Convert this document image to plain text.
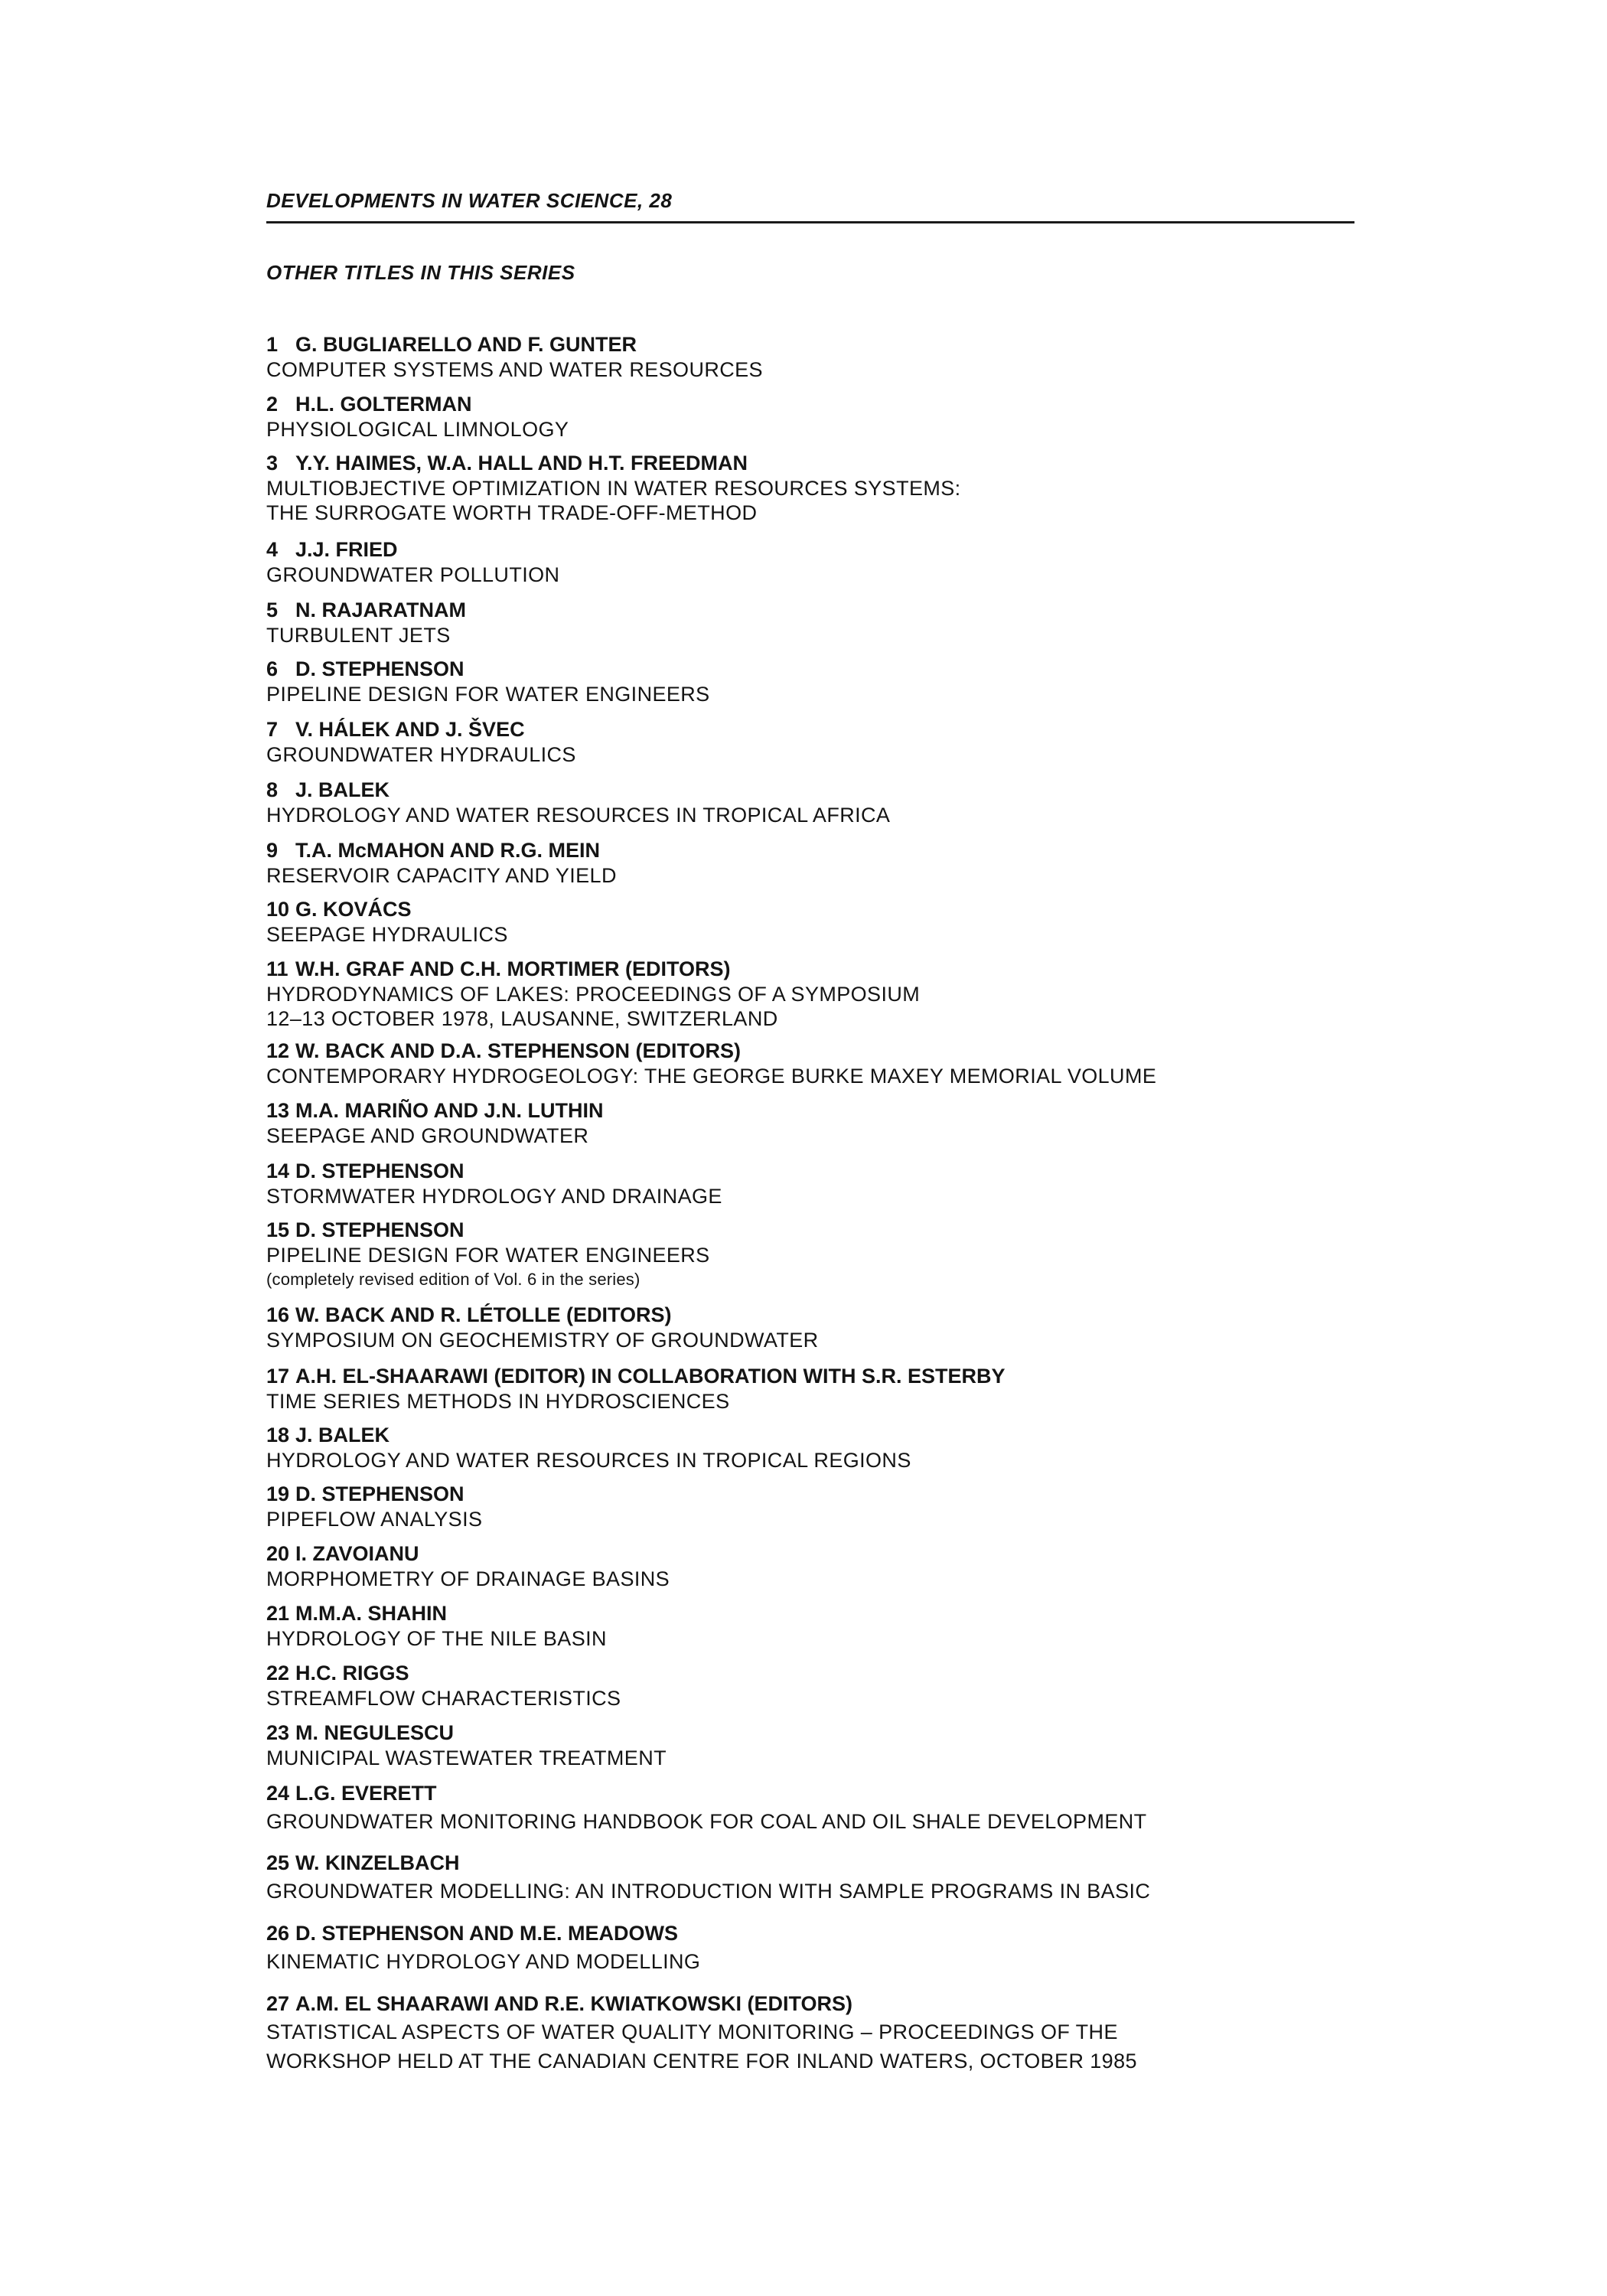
DEVELOPMENTS IN WATER SCIENCE, 28
OTHER TITLES IN THIS SERIES
1 G. BUGLIARELLO AND F. GUNTER
COMPUTER SYSTEMS AND WATER RESOURCES
2 H.L. GOLTERMAN
PHYSIOLOGICAL LIMNOLOGY
3 Y.Y. HAIMES, W.A. HALL AND H.T. FREEDMAN
MULTIOBJECTIVE OPTIMIZATION IN WATER RESOURCES SYSTEMS:
THE SURROGATE WORTH TRADE-OFF-METHOD
4 J.J. FRIED
GROUNDWATER POLLUTION
5 N. RAJARATNAM
TURBULENT JETS
6 D. STEPHENSON
PIPELINE DESIGN FOR WATER ENGINEERS
7 V. HÁLEK AND J. ŠVEC
GROUNDWATER HYDRAULICS
8 J. BALEK
HYDROLOGY AND WATER RESOURCES IN TROPICAL AFRICA
9 T.A. McMAHON AND R.G. MEIN
RESERVOIR CAPACITY AND YIELD
10 G. KOVÁCS
SEEPAGE HYDRAULICS
11 W.H. GRAF AND C.H. MORTIMER (EDITORS)
HYDRODYNAMICS OF LAKES: PROCEEDINGS OF A SYMPOSIUM
12–13 OCTOBER 1978, LAUSANNE, SWITZERLAND
12 W. BACK AND D.A. STEPHENSON (EDITORS)
CONTEMPORARY HYDROGEOLOGY: THE GEORGE BURKE MAXEY MEMORIAL VOLUME
13 M.A. MARIÑO AND J.N. LUTHIN
SEEPAGE AND GROUNDWATER
14 D. STEPHENSON
STORMWATER HYDROLOGY AND DRAINAGE
15 D. STEPHENSON
PIPELINE DESIGN FOR WATER ENGINEERS
(completely revised edition of Vol. 6 in the series)
16 W. BACK AND R. LÉTOLLE (EDITORS)
SYMPOSIUM ON GEOCHEMISTRY OF GROUNDWATER
17 A.H. EL-SHAARAWI (EDITOR) IN COLLABORATION WITH S.R. ESTERBY
TIME SERIES METHODS IN HYDROSCIENCES
18 J. BALEK
HYDROLOGY AND WATER RESOURCES IN TROPICAL REGIONS
19 D. STEPHENSON
PIPEFLOW ANALYSIS
20 I. ZAVOIANU
MORPHOMETRY OF DRAINAGE BASINS
21 M.M.A. SHAHIN
HYDROLOGY OF THE NILE BASIN
22 H.C. RIGGS
STREAMFLOW CHARACTERISTICS
23 M. NEGULESCU
MUNICIPAL WASTEWATER TREATMENT
24 L.G. EVERETT
GROUNDWATER MONITORING HANDBOOK FOR COAL AND OIL SHALE DEVELOPMENT
25 W. KINZELBACH
GROUNDWATER MODELLING: AN INTRODUCTION WITH SAMPLE PROGRAMS IN BASIC
26 D. STEPHENSON AND M.E. MEADOWS
KINEMATIC HYDROLOGY AND MODELLING
27 A.M. EL SHAARAWI AND R.E. KWIATKOWSKI (EDITORS)
STATISTICAL ASPECTS OF WATER QUALITY MONITORING – PROCEEDINGS OF THE
WORKSHOP HELD AT THE CANADIAN CENTRE FOR INLAND WATERS, OCTOBER 1985
